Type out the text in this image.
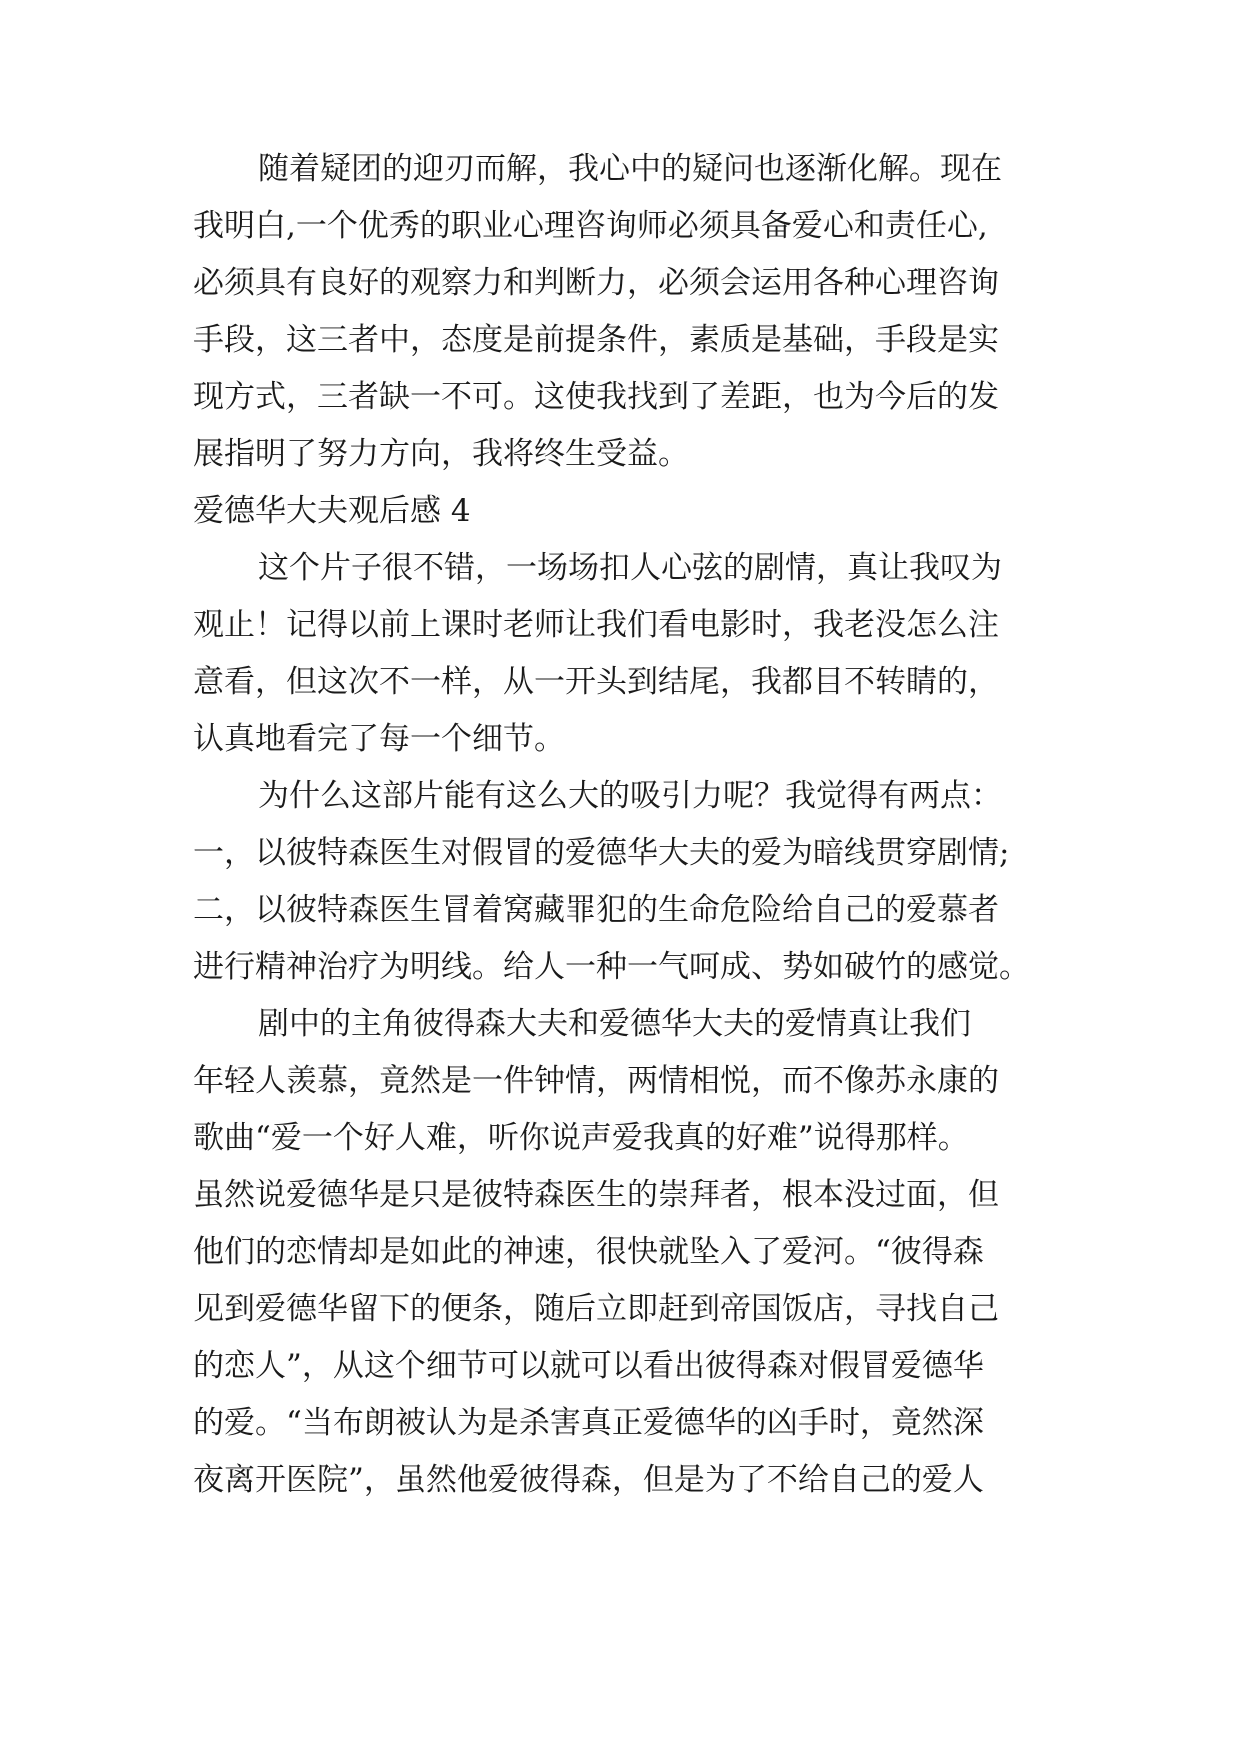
随着疑团的迎刃而解，我心中的疑问也逐渐化解。现在
我明白,一个优秀的职业心理咨询师必须具备爱心和责任心,
必须具有良好的观察力和判断力，必须会运用各种心理咨询
手段，这三者中，态度是前提条件，素质是基础，手段是实
现方式，三者缺一不可。这使我找到了差距，也为今后的发
展指明了努力方向，我将终生受益。
爱德华大夫观后感 4
这个片子很不错，一场场扣人心弦的剧情，真让我叹为
观止！记得以前上课时老师让我们看电影时，我老没怎么注
意看，但这次不一样，从一开头到结尾，我都目不转睛的，
认真地看完了每一个细节。
为什么这部片能有这么大的吸引力呢？我觉得有两点：
一，以彼特森医生对假冒的爱德华大夫的爱为暗线贯穿剧情;
二，以彼特森医生冒着窝藏罪犯的生命危险给自己的爱慕者
进行精神治疗为明线。给人一种一气呵成、势如破竹的感觉。
剧中的主角彼得森大夫和爱德华大夫的爱情真让我们
年轻人羡慕，竟然是一件钟情，两情相悦，而不像苏永康的
歌曲“爱一个好人难，听你说声爱我真的好难”说得那样。
虽然说爱德华是只是彼特森医生的崇拜者，根本没过面，但
他们的恋情却是如此的神速，很快就坠入了爱河。“彼得森
见到爱德华留下的便条，随后立即赶到帝国饭店，寻找自己
的恋人”，从这个细节可以就可以看出彼得森对假冒爱德华
的爱。“当布朗被认为是杀害真正爱德华的凶手时，竟然深
夜离开医院”，虽然他爱彼得森，但是为了不给自己的爱人
